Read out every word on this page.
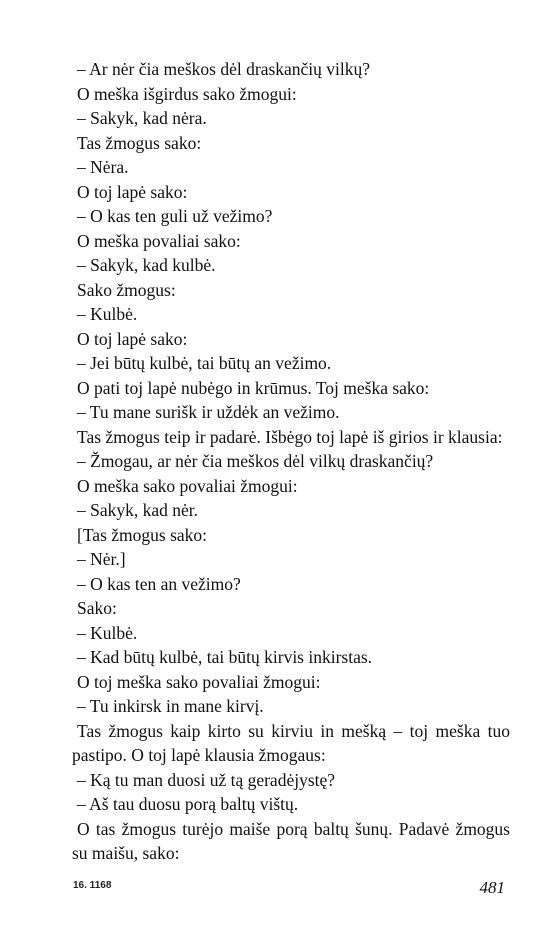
– Ar nėr čia meškos dėl draskančių vilkų?
O meška išgirdus sako žmogui:
– Sakyk, kad nėra.
Tas žmogus sako:
– Nėra.
O toj lapė sako:
– O kas ten guli už vežimo?
O meška povaliai sako:
– Sakyk, kad kulbė.
Sako žmogus:
– Kulbė.
O toj lapė sako:
– Jei būtų kulbė, tai būtų an vežimo.
O pati toj lapė nubėgo in krūmus. Toj meška sako:
– Tu mane surišk ir uždėk an vežimo.
Tas žmogus teip ir padarė. Išbėgo toj lapė iš girios ir klausia:
– Žmogau, ar nėr čia meškos dėl vilkų draskančių?
O meška sako povaliai žmogui:
– Sakyk, kad nėr.
[Tas žmogus sako:
– Nėr.]
– O kas ten an vežimo?
Sako:
– Kulbė.
– Kad būtų kulbė, tai būtų kirvis inkirstas.
O toj meška sako povaliai žmogui:
– Tu inkirsk in mane kirvį.
Tas žmogus kaip kirto su kirviu in mešką – toj meška tuo pastipo. O toj lapė klausia žmogaus:
– Ką tu man duosi už tą geradėjystę?
– Aš tau duosu porą baltų vištų.
O tas žmogus turėjo maiše porą baltų šunų. Padavė žmogus su maišu, sako:
16. 1168	481
